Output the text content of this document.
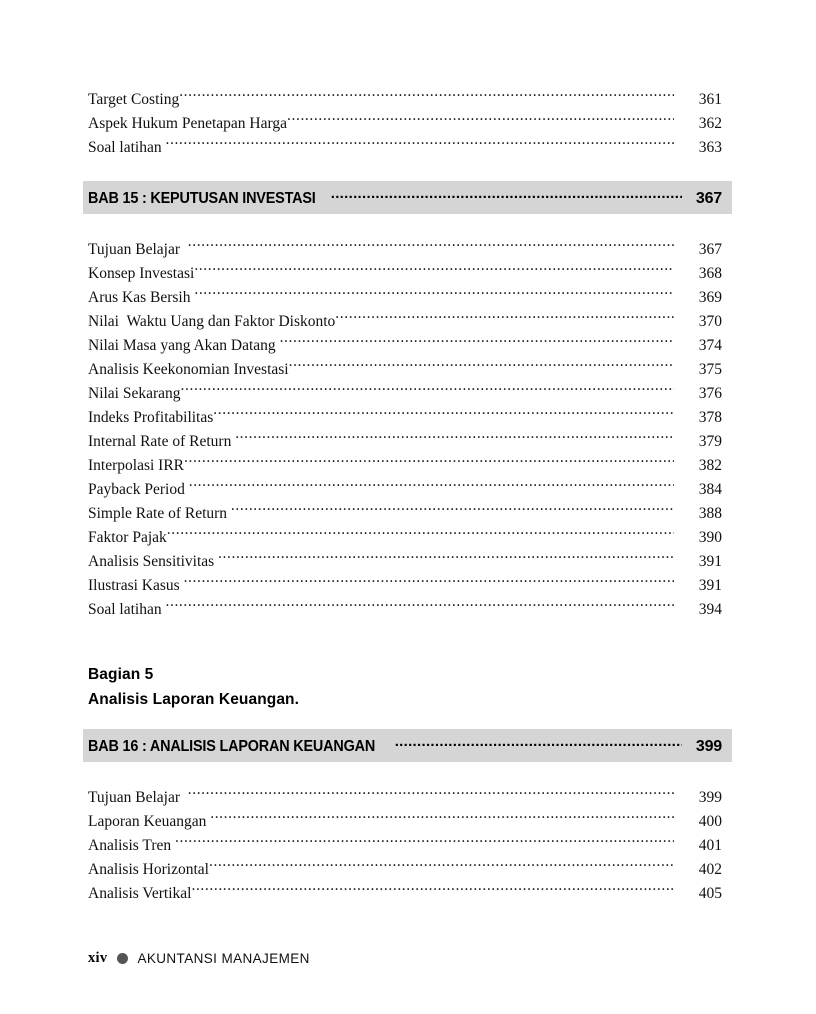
Target Costing .....	361
Aspek Hukum Penetapan Harga .....	362
Soal latihan .....	363
BAB 15 : KEPUTUSAN INVESTASI .....	367
Tujuan Belajar .....	367
Konsep Investasi .....	368
Arus Kas Bersih .....	369
Nilai  Waktu Uang dan Faktor Diskonto .....	370
Nilai Masa yang Akan Datang .....	374
Analisis Keekonomian Investasi .....	375
Nilai Sekarang .....	376
Indeks Profitabilitas .....	378
Internal Rate of Return .....	379
Interpolasi IRR .....	382
Payback Period .....	384
Simple Rate of Return .....	388
Faktor Pajak .....	390
Analisis Sensitivitas .....	391
Ilustrasi Kasus .....	391
Soal latihan .....	394
Bagian 5
Analisis Laporan Keuangan.
BAB 16 : ANALISIS LAPORAN KEUANGAN .....	399
Tujuan Belajar .....	399
Laporan Keuangan .....	400
Analisis Tren .....	401
Analisis Horizontal .....	402
Analisis Vertikal .....	405
xiv AKUNTANSI MANAJEMEN
